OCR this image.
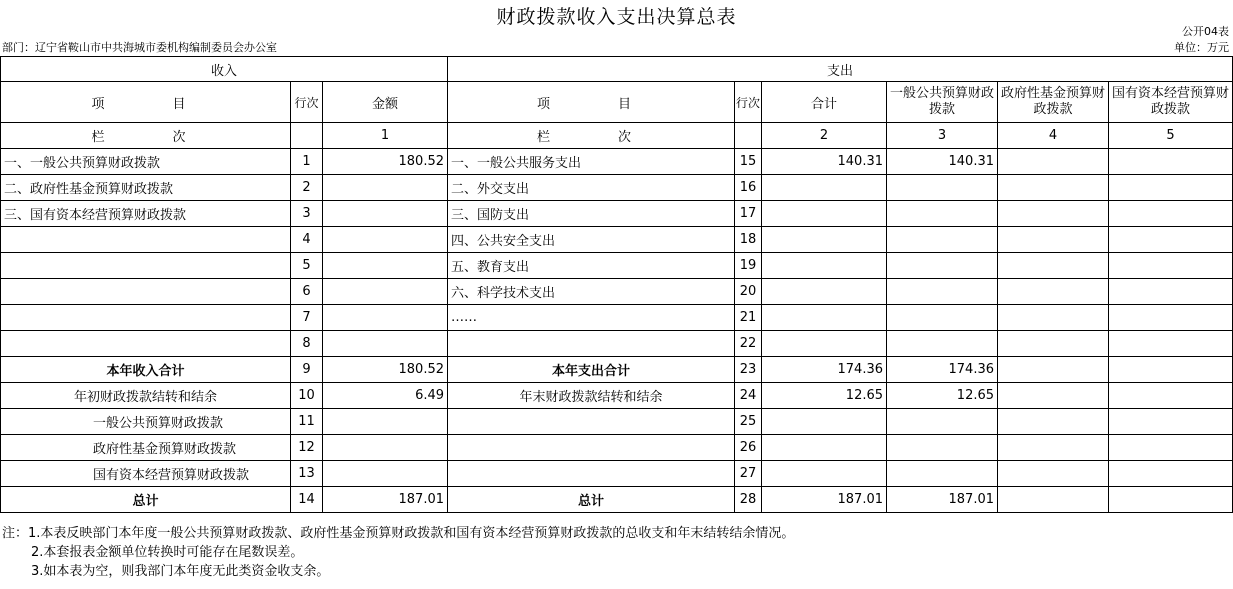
财政拨款收入支出决算总表
公开04表
部门：辽宁省鞍山市中共海城市委机构编制委员会办公室	单位：万元
收入			支出					
项　　目	行次	金额	项　　目	行次	合计	一般公共预算财政拨款	政府性基金预算财政拨款	国有资本经营预算财政拨款
栏　　次		1	栏　　次		2	3	4	5
一、一般公共预算财政拨款	1	180.52	一、一般公共服务支出	15	140.31	140.31		
二、政府性基金预算财政拨款	2		二、外交支出	16				
三、国有资本经营预算财政拨款	3		三、国防支出	17				
	4		四、公共安全支出	18				
	5		五、教育支出	19				
	6		六、科学技术支出	20				
	7		……	21				
	8			22				
本年收入合计	9	180.52	本年支出合计	23	174.36	174.36		
年初财政拨款结转和结余	10	6.49	年末财政拨款结转和结余	24	12.65	12.65		
一般公共预算财政拨款	11			25				
政府性基金预算财政拨款	12			26				
国有资本经营预算财政拨款	13			27				
总计	14	187.01	总计	28	187.01	187.01		
注：1.本表反映部门本年度一般公共预算财政拨款、政府性基金预算财政拨款和国有资本经营预算财政拨款的总收支和年末结转结余情况。
2.本套报表金额单位转换时可能存在尾数误差。
3.如本表为空，则我部门本年度无此类资金收支余。
